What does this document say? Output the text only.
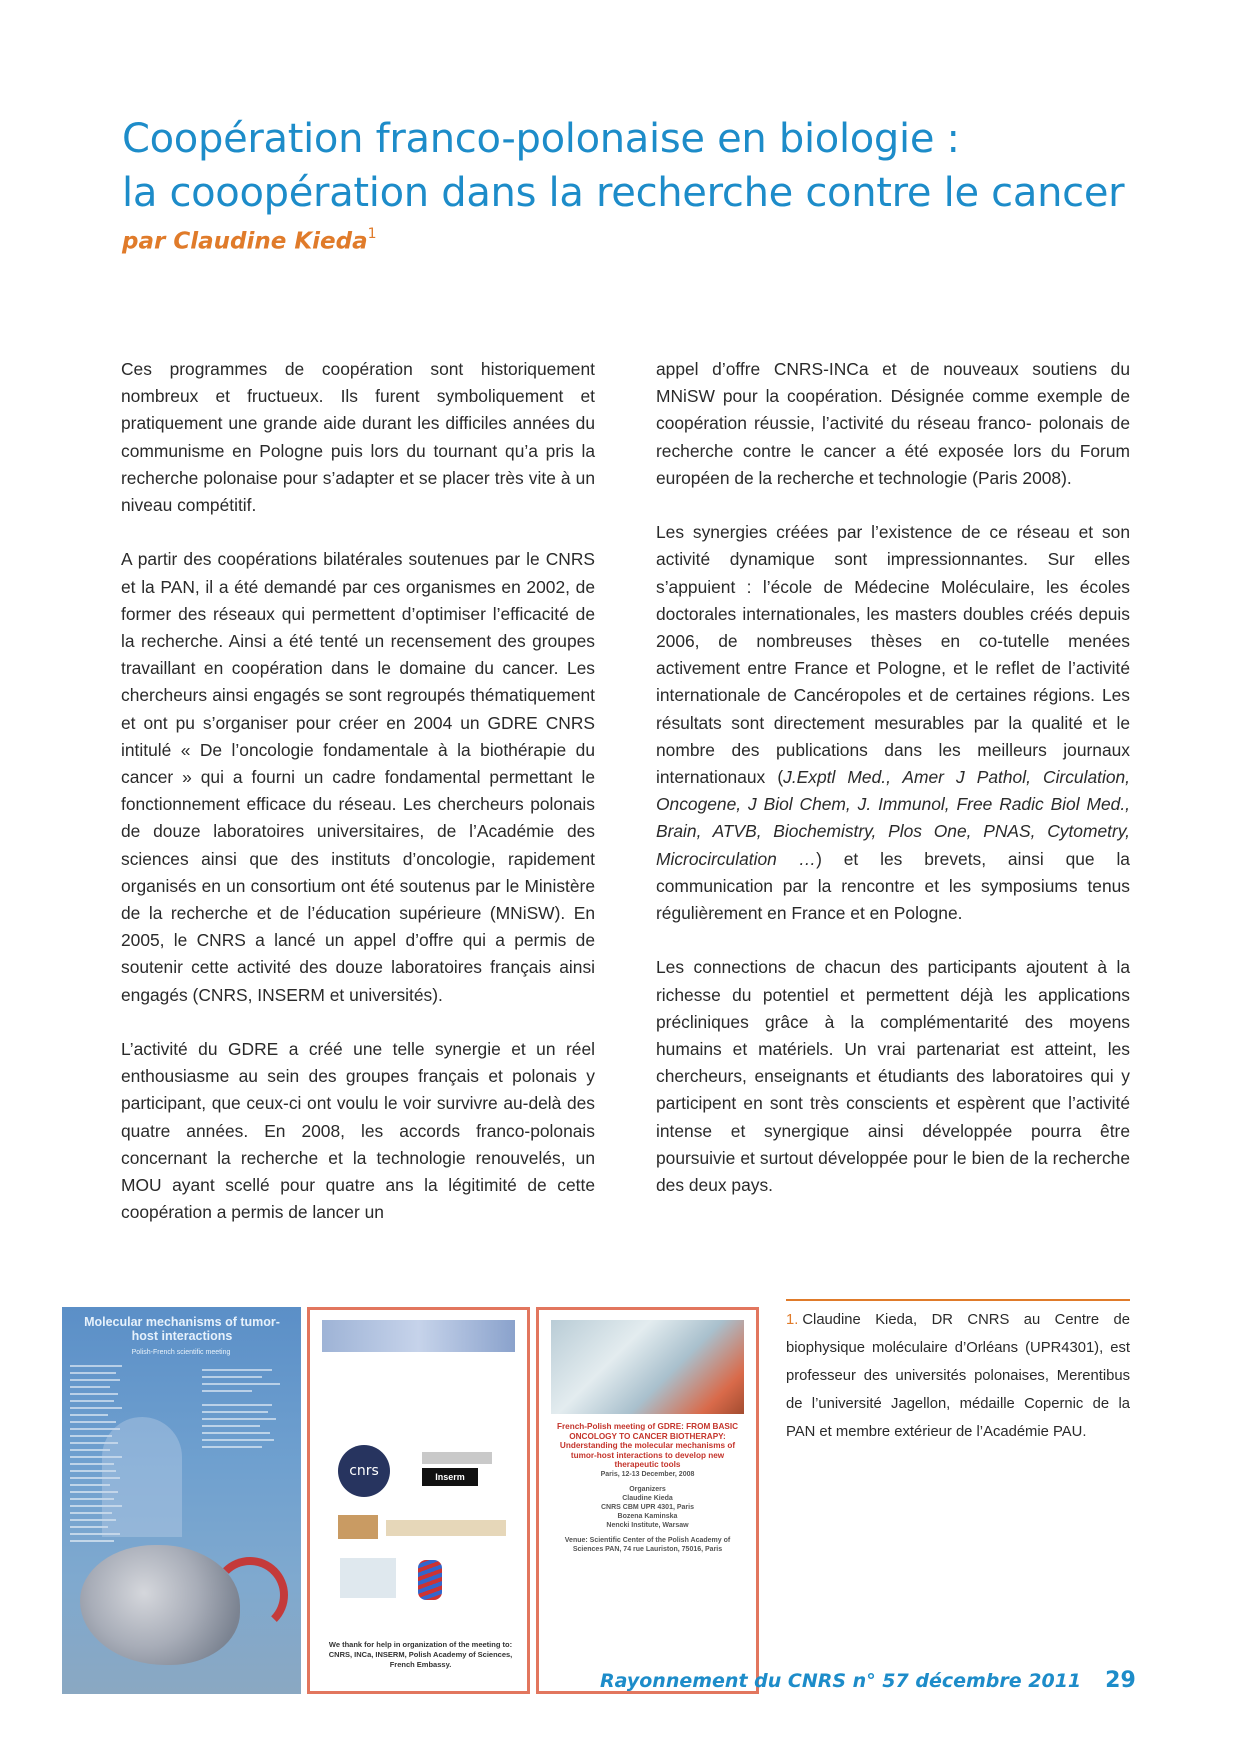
Coopération franco-polonaise en biologie :
la cooopération dans la recherche contre le cancer

par Claudine Kieda$^1$

Ces programmes de coopération sont historiquement nombreux et fructueux. Ils furent symboliquement et pratiquement une grande aide durant les difficiles années du communisme en Pologne puis lors du tournant qu’a pris la recherche polonaise pour s’adapter et se placer très vite à un niveau compétitif.

A partir des coopérations bilatérales soutenues par le CNRS et la PAN, il a été demandé par ces organismes en 2002, de former des réseaux qui permettent d’optimiser l’efficacité de la recherche. Ainsi a été tenté un recensement des groupes travaillant en coopération dans le domaine du cancer. Les chercheurs ainsi engagés se sont regroupés thématiquement et ont pu s’organiser pour créer en 2004 un GDRE CNRS intitulé « De l’oncologie fondamentale à la biothérapie du cancer » qui a fourni un cadre fondamental permettant le fonctionnement efficace du réseau. Les chercheurs polonais de douze laboratoires universitaires, de l’Académie des sciences ainsi que des instituts d’oncologie, rapidement organisés en un consortium ont été soutenus par le Ministère de la recherche et de l’éducation supérieure (MNiSW). En 2005, le CNRS a lancé un appel d’offre qui a permis de soutenir cette activité des douze laboratoires français ainsi engagés (CNRS, INSERM et universités).

L’activité du GDRE a créé une telle synergie et un réel enthousiasme au sein des groupes français et polonais y participant, que ceux-ci ont voulu le voir survivre au-delà des quatre années. En 2008, les accords franco-polonais concernant la recherche et la technologie renouvelés, un MOU ayant scellé pour quatre ans la légitimité de cette coopération a permis de lancer un

appel d’offre CNRS-INCa et de nouveaux soutiens du MNiSW pour la coopération. Désignée comme exemple de coopération réussie, l’activité du réseau franco- polonais de recherche contre le cancer a été exposée lors du Forum européen de la recherche et technologie (Paris 2008).

Les synergies créées par l’existence de ce réseau et son activité dynamique sont impressionnantes. Sur elles s’appuient : l’école de Médecine Moléculaire, les écoles doctorales internationales, les masters doubles créés depuis 2006, de nombreuses thèses en co-tutelle menées activement entre France et Pologne, et le reflet de l’activité internationale de Cancéropoles et de certaines régions. Les résultats sont directement mesurables par la qualité et le nombre des publications dans les meilleurs journaux internationaux (J.Exptl Med., Amer J Pathol, Circulation, Oncogene, J Biol Chem, J. Immunol, Free Radic Biol Med., Brain, ATVB, Biochemistry, Plos One, PNAS, Cytometry, Microcirculation …) et les brevets, ainsi que la communication par la rencontre et les symposiums tenus régulièrement en France et en Pologne.

Les connections de chacun des participants ajoutent à la richesse du potentiel et permettent déjà les applications précliniques grâce à la complémentarité des moyens humains et matériels. Un vrai partenariat est atteint, les chercheurs, enseignants et étudiants des laboratoires qui y participent en sont très conscients et espèrent que l’activité intense et synergique ainsi développée pourra être poursuivie et surtout développée pour le bien de la recherche des deux pays.

1. Claudine Kieda, DR CNRS au Centre de biophysique moléculaire d’Orléans (UPR4301), est professeur des universités polonaises, Merentibus de l’université Jagellon, médaille Copernic de la PAN et membre extérieur de l’Académie PAU.
Molecular mechanisms of tumor-host interactions
Polish-French scientific meeting
cnrs	Inserm
We thank for help in organization of the meeting to: CNRS, INCa, INSERM, Polish Academy of Sciences, French Embassy.
French-Polish meeting of GDRE: FROM BASIC ONCOLOGY TO CANCER BIOTHERAPY: Understanding the molecular mechanisms of tumor-host interactions to develop new therapeutic tools
Paris, 12-13 December, 2008
Organizers
Claudine Kieda
CNRS CBM UPR 4301, Paris
Bozena Kaminska
Nencki Institute, Warsaw
Venue: Scientific Center of the Polish Academy of Sciences PAN, 74 rue Lauriston, 75016, Paris
Rayonnement du CNRS n° 57 décembre 2011 29
